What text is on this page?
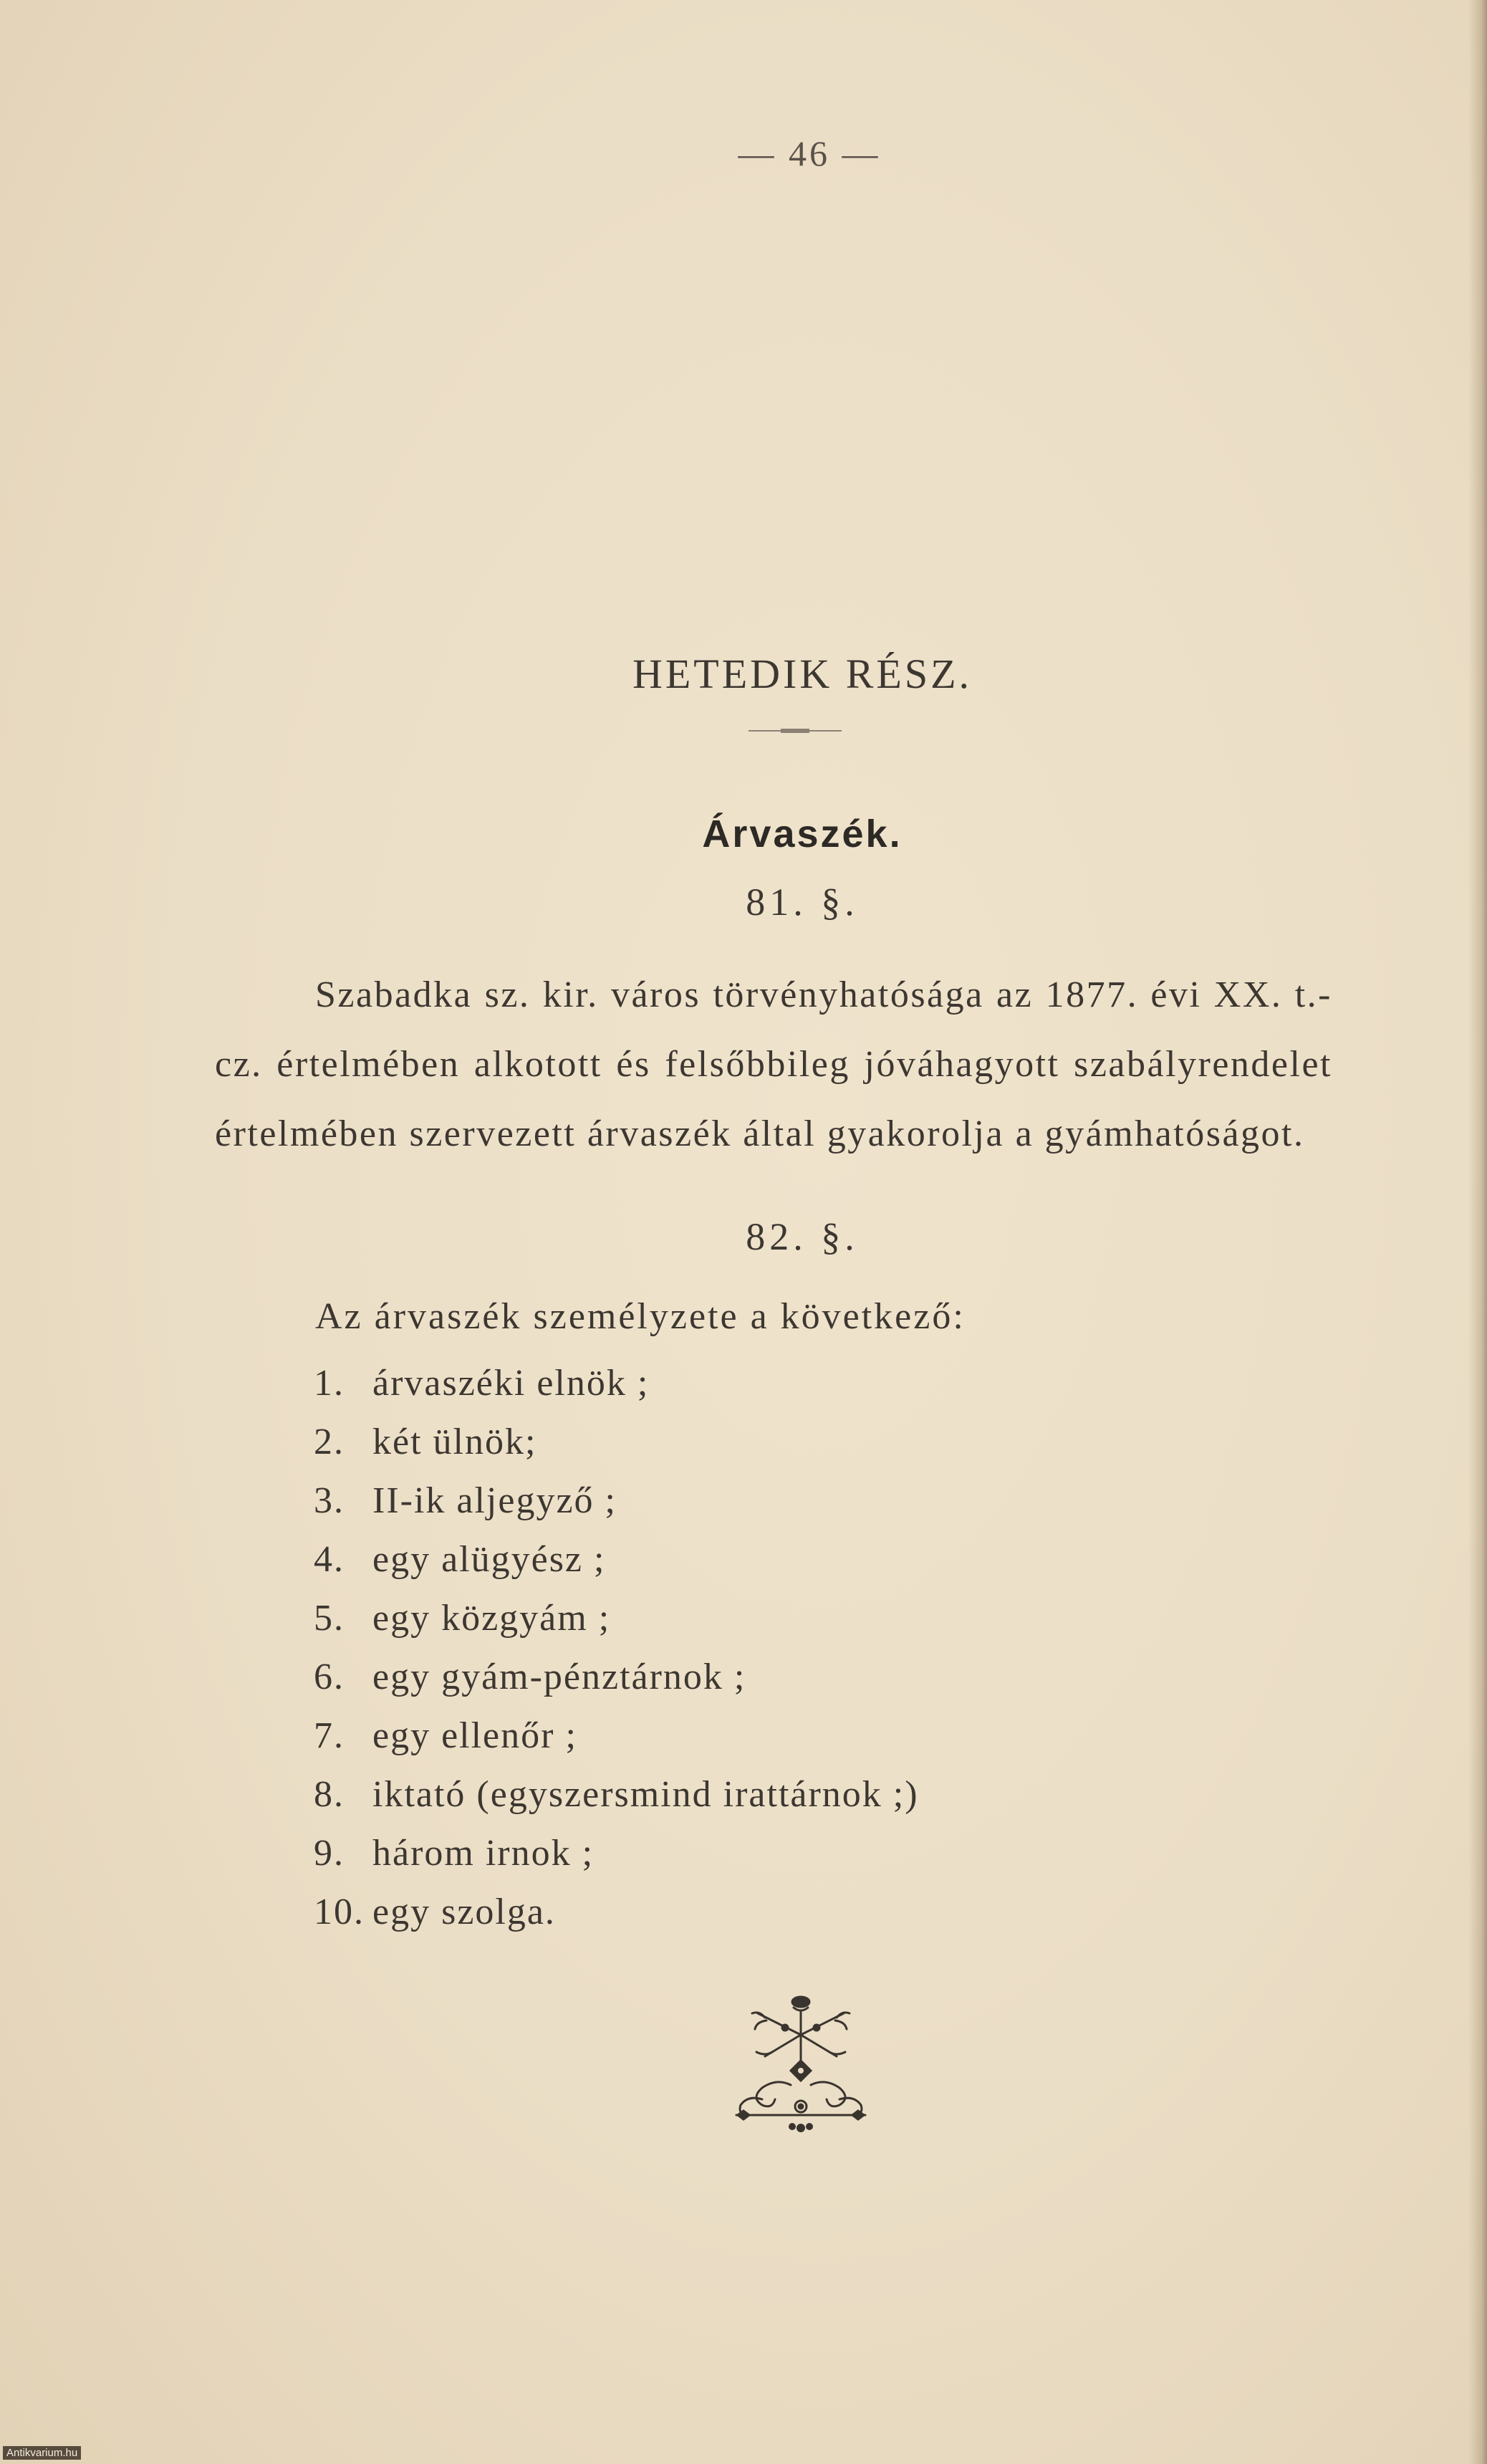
— 46 —
HETEDIK RÉSZ.
Árvaszék.
81. §.

Szabadka sz. kir. város törvényhatósága az 1877. évi XX. t.-cz. értelmében alkotott és felsőbbileg jóváhagyott szabályrendelet értelmében szervezett árvaszék által gyakorolja a gyámhatóságot.

82. §.
Az árvaszék személyzete a következő:
1. árvaszéki elnök ;
2. két ülnök;
3. II-ik aljegyző ;
4. egy alügyész ;
5. egy közgyám ;
6. egy gyám-pénztárnok ;
7. egy ellenőr ;
8. iktató (egyszersmind irattárnok ;)
9. három irnok ;
10. egy szolga.
Antikvarium.hu
